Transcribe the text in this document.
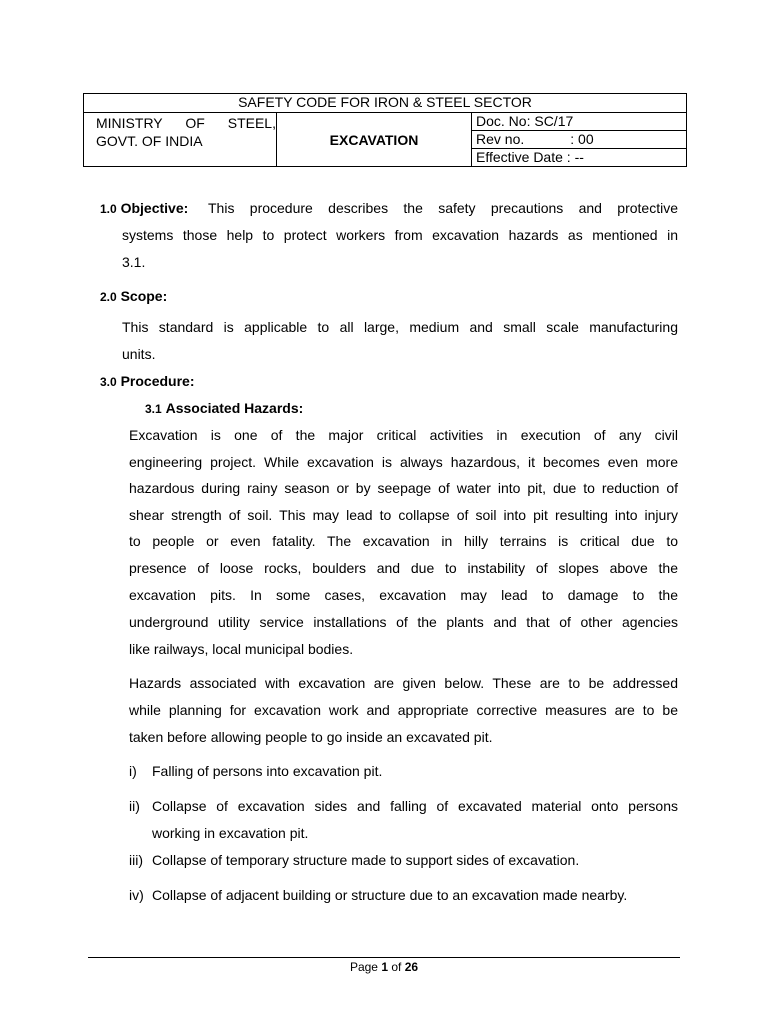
SAFETY CODE FOR IRON & STEEL SECTOR

MINISTRY OF STEEL,
GOVT. OF INDIA	EXCAVATION	
Doc. No: SC/17
Rev no.	: 00
Effective Date : --
1.0 Objective:	This procedure describes the safety precautions and protective
systems those help to protect workers from excavation hazards as mentioned in
3.1.
2.0 Scope:
This standard is applicable to all large, medium and small scale manufacturing
units.
3.0 Procedure:
3.1 Associated Hazards:
Excavation is one of the major critical activities in execution of any civil
engineering project. While excavation is always hazardous, it becomes even more
hazardous during rainy season or by seepage of water into pit, due to reduction of
shear strength of soil. This may lead to collapse of soil into pit resulting into injury
to people or even fatality. The excavation in hilly terrains is critical due to
presence of loose rocks, boulders and due to instability of slopes above the
excavation pits. In some cases, excavation may lead to damage to the
underground utility service installations of the plants and that of other agencies
like railways, local municipal bodies.
Hazards associated with excavation are given below. These are to be addressed
while planning for excavation work and appropriate corrective measures are to be
taken before allowing people to go inside an excavated pit.
i) Falling of persons into excavation pit.
ii) Collapse of excavation sides and falling of excavated material onto persons
working in excavation pit.
iii) Collapse of temporary structure made to support sides of excavation.
iv) Collapse of adjacent building or structure due to an excavation made nearby.
Page 1 of 26
